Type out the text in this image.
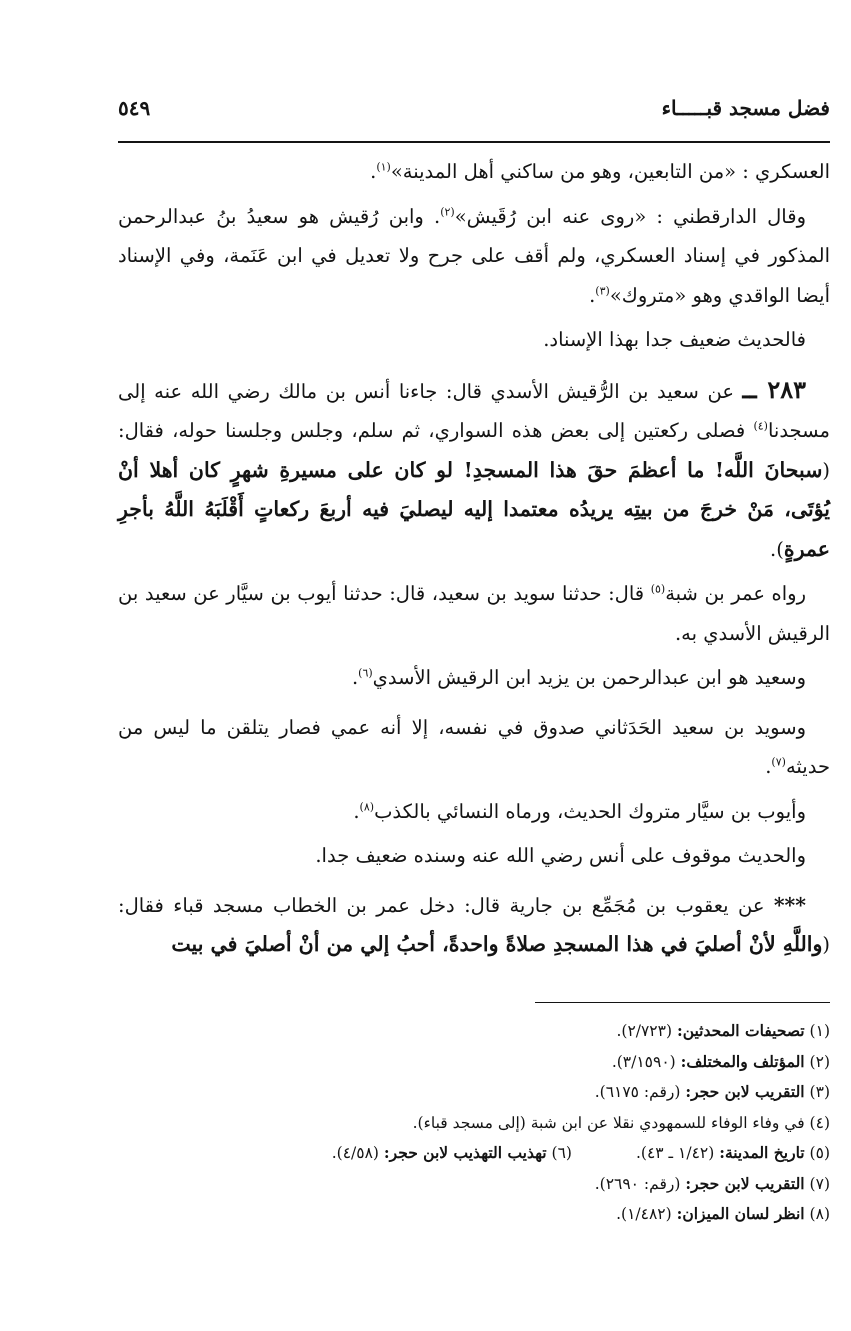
فضل مسجد قبـــــاء
٥٤٩

العسكري : «من التابعين، وهو من ساكني أهل المدينة»$^{(١)}$.

وقال الدارقطني : «روى عنه ابن رُقَيش»$^{(٢)}$. وابن رُقيش هو سعيدُ بنُ عبدالرحمن المذكور في إسناد العسكري، ولم أقف على جرح ولا تعديل في ابن عَنَمة، وفي الإسناد أيضا الواقدي وهو «متروك»$^{(٣)}$.

فالحديث ضعيف جدا بهذا الإسناد.

٢٨٣ ــ عن سعيد بن الرُّقيش الأسدي قال: جاءنا أنس بن مالك رضي الله عنه إلى مسجدنا$^{(٤)}$ فصلى ركعتين إلى بعض هذه السواري، ثم سلم، وجلس وجلسنا حوله، فقال: (سبحانَ اللَّه! ما أعظمَ حقَ هذا المسجدِ! لو كان على مسيرةِ شهرٍ كان أهلا أنْ يُؤتَى، مَنْ خرجَ من بيتِه يريدُه معتمدا إليه ليصليَ فيه أربعَ ركعاتٍ أَقْلَبَهُ اللَّهُ بأجرِ عمرةٍ).

رواه عمر بن شبة$^{(٥)}$ قال: حدثنا سويد بن سعيد، قال: حدثنا أيوب بن سيَّار عن سعيد بن الرقيش الأسدي به.

وسعيد هو ابن عبدالرحمن بن يزيد ابن الرقيش الأسدي$^{(٦)}$.

وسويد بن سعيد الحَدَثاني صدوق في نفسه، إلا أنه عمي فصار يتلقن ما ليس من حديثه$^{(٧)}$.

وأيوب بن سيَّار متروك الحديث، ورماه النسائي بالكذب$^{(٨)}$.

والحديث موقوف على أنس رضي الله عنه وسنده ضعيف جدا.

*** عن يعقوب بن مُجَمِّع بن جارية قال: دخل عمر بن الخطاب مسجد قباء فقال: (واللَّهِ لأنْ أصليَ في هذا المسجدِ صلاةً واحدةً، أحبُ إلي من أنْ أصليَ في بيت

(١) تصحيفات المحدثين: (٢/٧٢٣).
(٢) المؤتلف والمختلف: (٣/١٥٩٠).
(٣) التقريب لابن حجر: (رقم: ٦١٧٥).
(٤) في وفاء الوفاء للسمهودي نقلا عن ابن شبة (إلى مسجد قباء).
(٥) تاريخ المدينة: (١/٤٢ ـ ٤٣).
(٦) تهذيب التهذيب لابن حجر: (٤/٥٨).
(٧) التقريب لابن حجر: (رقم: ٢٦٩٠).
(٨) انظر لسان الميزان: (١/٤٨٢).
